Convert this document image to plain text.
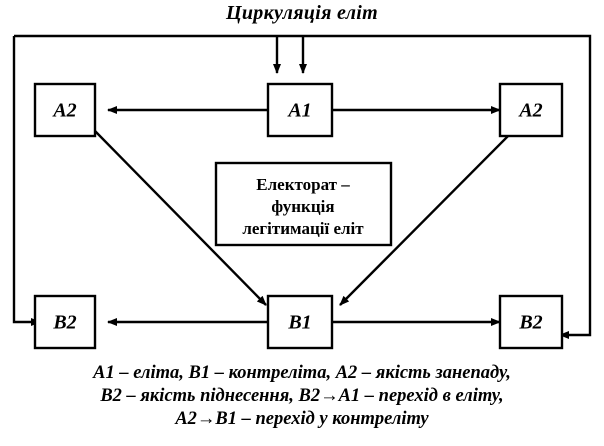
Циркуляція еліт
A2	A1	A2
B2	B1	B2
Електорат –
функція
легітимації еліт
A1 – еліта, B1 – контреліта, A2 – якість занепаду,
B2 – якість піднесення, B2→A1 – перехід в еліту,
A2→B1 – перехід у контреліту
